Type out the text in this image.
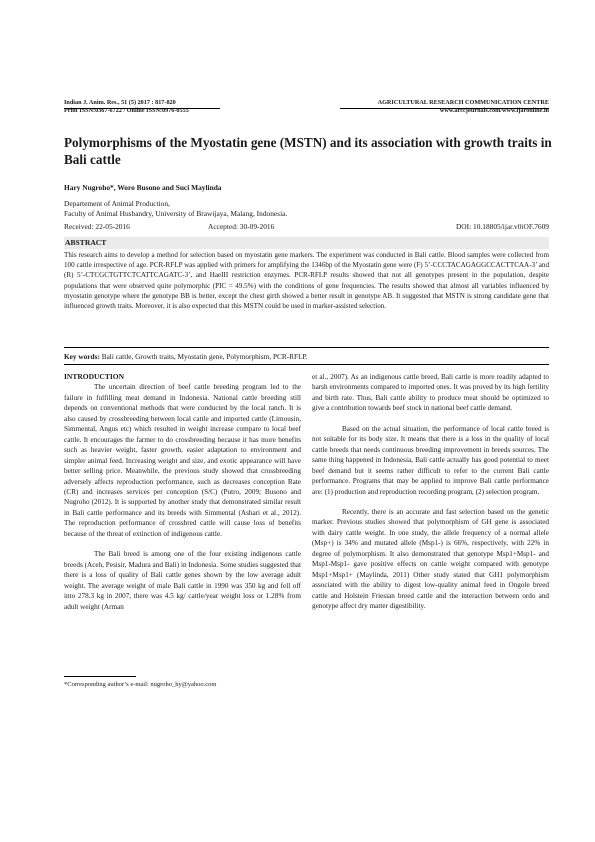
Indian J. Anim. Res., 51 (5) 2017 : 817-820
Print ISSN:0367-6722 / Online ISSN:0976-0555
AGRICULTURAL RESEARCH COMMUNICATION CENTRE
www.arccjournals.com/www.ijaronline.in
Polymorphisms of the Myostatin gene (MSTN) and its association with growth traits in Bali cattle
Hary Nugroho*, Woro Busono and Suci Maylinda
Departement of Animal Production,
Faculty of Animal Husbandry, University of Brawijaya, Malang, Indonesia.
Received: 22-05-2016	Accepted: 30-09-2016	DOI: 10.18805/ijar.v0iOF.7609
ABSTRACT
This research aims to develop a method for selection based on myostatin gene markers. The experiment was conducted in Bali cattle. Blood samples were collected from 100 cattle irrespective of age. PCR-RFLP was applied with primers for amplifying the 1346bp of the Myostatin gene were (F) 5’-CCCTACAGAGGCCACTTCAA-3’ and (R) 5’-CTCGCTGTTCTCATTCAGATC-3’, and HaeIII restriction enzymes. PCR-RFLP results showed that not all genotypes present in the population, despite populations that were observed quite polymorphic (PIC = 49.5%) with the conditions of gene frequencies. The results showed that almost all variables influenced by myostatin genotype where the genotype BB is better, except the chest girth showed a better result in genotype AB. It suggested that MSTN is strong candidate gene that influenced growth traits. Moreover, it is also expected that this MSTN could be used in marker-assisted selection.
Key words: Bali cattle, Growth traits, Myostatin gene, Polymorphism, PCR-RFLP.

INTRODUCTION

The uncertain direction of beef cattle breeding program led to the failure in fulfilling meat demand in Indonesia. National cattle breeding still depends on conventional methods that were conducted by the local ranch. It is also caused by crossbreeding between local cattle and imported cattle (Limousin, Simmental, Angus etc) which resulted in weight increase compare to local beef cattle. It encourages the farmer to do crossbreeding because it has more benefits such as heavier weight, faster growth, easier adaptation to environment and simpler animal feed. Increasing weight and size, and exotic appearance will have better selling price. Meanwhile, the previous study showed that crossbreeding adversely affects reproduction performance, such as decreases conception Rate (CR) and increases services per conception (S/C) (Putro, 2009; Busono and Nugroho (2012). It is supported by another study that demonstrated similar result in Bali cattle performance and its breeds with Simmental (Ashari et al., 2012). The reproduction performance of crossbred cattle will cause loss of benefits because of the threat of extinction of indigenous cattle.

The Bali breed is among one of the four existing indigenous cattle breeds (Aceh, Pesisir, Madura and Bali) in Indonesia. Some studies suggested that there is a loss of quality of Bali cattle genes shown by the low average adult weight. The average weight of male Bali cattle in 1990 was 350 kg and fell off into 278.3 kg in 2007, there was 4.5 kg/ cattle/year weight loss or 1.28% from adult weight (Arman

et al., 2007). As an indigenous cattle breed, Bali cattle is more readily adapted to harsh environments compared to imported ones. It was proved by its high fertility and birth rate. Thus, Bali cattle ability to produce meat should be optimized to give a contribution towards beef stock in national beef cattle demand.

Based on the actual situation, the performance of local cattle breed is not suitable for its body size. It means that there is a loss in the quality of local cattle breeds that needs continuous breeding improvement in breeds sources. The same thing happened in Indonesia, Bali cattle actually has good potential to meet beef demand but it seems rather difficult to refer to the current Bali cattle performance. Programs that may be applied to improve Bali cattle performance are: (1) production and reproduction recording program, (2) selection program.

Recently, there is an accurate and fast selection based on the genetic marker. Previous studies showed that polymorphism of GH gene is associated with dairy cattle weight. In one study, the allele frequency of a normal allele (Msp+) is 34% and mutated allele (Msp1-) is 66%, respectively, with 22% in degree of polymorphism. It also demonstrated that genotype Msp1+Msp1- and Msp1-Msp1- gave positive effects on cattle weight compared with genotype Msp1+Msp1+ (Maylinda, 2011) Other study stated that GH1 polymorphism associated with the ability to digest low-quality animal feed in Ongole breed cattle and Holstein Friesian breed cattle and the interaction between ordo and genotype affect dry matter digestibility.

*Corresponding author’s e-mail: nugroho_hy@yahoo.com
